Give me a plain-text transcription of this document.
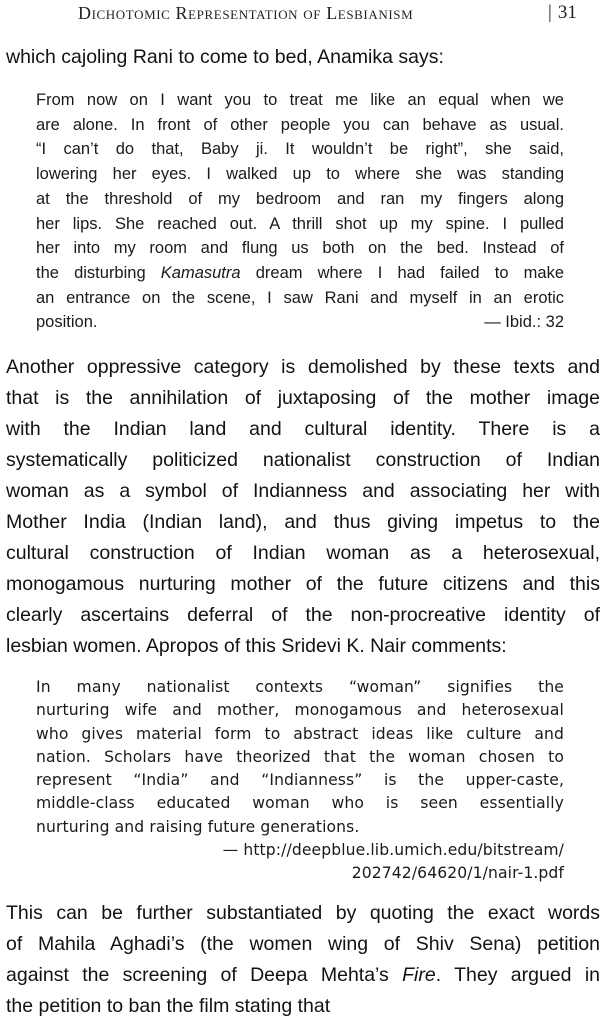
Dichotomic Representation of Lesbianism	| 31
which cajoling Rani to come to bed, Anamika says:
From now on I want you to treat me like an equal when we
are alone. In front of other people you can behave as usual.
“I can’t do that, Baby ji. It wouldn’t be right”, she said,
lowering her eyes. I walked up to where she was standing
at the threshold of my bedroom and ran my fingers along
her lips. She reached out. A thrill shot up my spine. I pulled
her into my room and flung us both on the bed. Instead of
the disturbing Kamasutra dream where I had failed to make
an entrance on the scene, I saw Rani and myself in an erotic
position.	— Ibid.: 32
Another oppressive category is demolished by these texts and
that is the annihilation of juxtaposing of the mother image
with the Indian land and cultural identity. There is a
systematically politicized nationalist construction of Indian
woman as a symbol of Indianness and associating her with
Mother India (Indian land), and thus giving impetus to the
cultural construction of Indian woman as a heterosexual,
monogamous nurturing mother of the future citizens and this
clearly ascertains deferral of the non-procreative identity of
lesbian women. Apropos of this Sridevi K. Nair comments:
In many nationalist contexts “woman” signifies the
nurturing wife and mother, monogamous and heterosexual
who gives material form to abstract ideas like culture and
nation. Scholars have theorized that the woman chosen to
represent “India” and “Indianness” is the upper-caste,
middle-class educated woman who is seen essentially
nurturing and raising future generations.
— http://deepblue.lib.umich.edu/bitstream/
202742/64620/1/nair-1.pdf
This can be further substantiated by quoting the exact words
of Mahila Aghadi’s (the women wing of Shiv Sena) petition
against the screening of Deepa Mehta’s Fire. They argued in
the petition to ban the film stating that
